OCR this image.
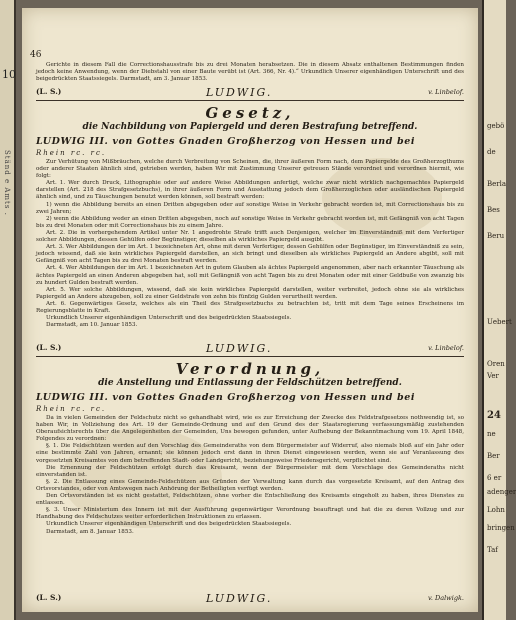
10
Ständ e Amts .
46

Gerichte in diesem Fall die Correctionshausstrafe bis zu drei Monaten herabsetzen. Die in diesem Absatz enthaltenen Bestimmungen finden jedoch keine Anwendung, wenn der Diebstahl von einer Baute verübt ist (Art. 366, Nr. 4).“ Urkundlich Unserer eigenhändigen Unterschrift und des beigedrückten Staatssiegels. Darmstadt, am 3. Januar 1853.

(L. S.)	LUDWIG.	v. Linbelof.
Gesetz,
die Nachbildung von Papiergeld und deren Bestrafung betreffend.
LUDWIG III. von Gottes Gnaden Großherzog von Hessen und bei
Rhein rc. rc.

Zur Verhütung von Mißbräuchen, welche durch Verbreitung von Scheinen, die, ihrer äußeren Form nach, dem Papiergelde des Großherzogthums oder anderer Staaten ähnlich sind, getrieben werden, haben Wir mit Zustimmung Unserer getreuen Stände verordnet und verordnen hiermit, wie folgt:

Art. 1. Wer durch Druck, Lithographie oder auf andere Weise Abbildungen anfertigt, welche zwar nicht wirklich nachgemachtes Papiergeld darstellen (Art. 218 des Strafgesetzbuchs), in ihrer äußeren Form und Ausstattung jedoch dem Großherzoglichen oder ausländischen Papiergeld ähnlich sind, und zu Täuschungen benutzt werden können, soll bestraft werden:

1) wenn die Abbildung bereits an einen Dritten abgegeben oder auf sonstige Weise in Verkehr gebracht worden ist, mit Correctionshaus bis zu zwei Jahren;

2) wenn die Abbildung weder an einen Dritten abgegeben, noch auf sonstige Weise in Verkehr gebracht worden ist, mit Gefängniß von acht Tagen bis zu drei Monaten oder mit Correctionshaus bis zu einem Jahre.

Art. 2. Die in vorhergehendem Artikel unter Nr. 1 angedrohte Strafe trifft auch Denjenigen, welcher im Einverständniß mit dem Verfertiger solcher Abbildungen, dessen Gehülfen oder Begünstiger, dieselben als wirkliches Papiergeld ausgibt.

Art. 3. Wer Abbildungen der im Art. 1 bezeichneten Art, ohne mit deren Verfertiger, dessen Gehülfen oder Begünstiger, im Einverständniß zu sein, jedoch wissend, daß sie kein wirkliches Papiergeld darstellen, an sich bringt und dieselben als wirkliches Papiergeld an Andere abgibt, soll mit Gefängniß von acht Tagen bis zu drei Monaten bestraft werden.

Art. 4. Wer Abbildungen der im Art. 1 bezeichneten Art in gutem Glauben als ächtes Papiergeld angenommen, aber nach erkannter Täuschung als ächtes Papiergeld an einen Anderen abgegeben hat, soll mit Gefängniß von acht Tagen bis zu drei Monaten oder mit einer Geldbuße von zwanzig bis zu hundert Gulden bestraft werden.

Art. 5. Wer solche Abbildungen, wissend, daß sie kein wirkliches Papiergeld darstellen, weiter verbreitet, jedoch ohne sie als wirkliches Papiergeld an Andere abzugeben, soll zu einer Geldstrafe von zehn bis fünfzig Gulden verurtheilt werden.

Art. 6. Gegenwärtiges Gesetz, welches als ein Theil des Strafgesetzbuchs zu betrachten ist, tritt mit dem Tage seines Erscheinens im Regierungsblatte in Kraft.

Urkundlich Unserer eigenhändigen Unterschrift und des beigedrückten Staatssiegels.

Darmstadt, am 10. Januar 1853.

(L. S.)	LUDWIG.	v. Linbelof.
Verordnung,
die Anstellung und Entlassung der Feldschützen betreffend.
LUDWIG III. von Gottes Gnaden Großherzog von Hessen und bei
Rhein rc. rc.

Da in vielen Gemeinden der Feldschutz nicht so gehandhabt wird, wie es zur Erreichung der Zwecke des Feldstrafgesetzes nothwendig ist, so haben Wir, in Vollziehung des Art. 19 der Gemeinde-Ordnung und auf den Grund des der Staatsregierung verfassungsmäßig zustehenden Oberaufsichtsrechts über die Angelegenheiten der Gemeinden, Uns bewogen gefunden, unter Aufhebung der Bekanntmachung vom 19. April 1848, Folgendes zu verordnen:

§. 1. Die Feldschützen werden auf den Vorschlag des Gemeinderaths von dem Bürgermeister auf Widerruf, also niemals bloß auf ein Jahr oder eine bestimmte Zahl von Jahren, ernannt; sie können jedoch erst dann in ihren Dienst eingewiesen werden, wenn sie auf Veranlassung des vorgesetzten Kreisamtes von dem betreffenden Stadt- oder Landgericht, beziehungsweise Friedensgericht, verpflichtet sind.

Die Ernennung der Feldschützen erfolgt durch das Kreisamt, wenn der Bürgermeister mit dem Vorschlage des Gemeinderaths nicht einverstanden ist.

§. 2. Die Entlassung eines Gemeinde-Feldschützen aus Gründen der Verwaltung kann durch das vorgesetzte Kreisamt, auf den Antrag des Ortsvorstandes, oder von Amtswegen nach Anhörung der Betheiligten verfügt werden.

Den Ortsvorständen ist es nicht gestattet, Feldschützen, ohne vorher die Entschließung des Kreisamts eingeholt zu haben, ihres Dienstes zu entlassen.

§. 3. Unser Ministerium des Innern ist mit der Ausführung gegenwärtiger Verordnung beauftragt und hat die zu deren Vollzug und zur Handhabung des Feldschutzes weiter erforderlichen Instruktionen zu erlassen.

Urkundlich Unserer eigenhändigen Unterschrift und des beigedrückten Staatssiegels.

Darmstadt, am 8. Januar 1853.

(L. S.)	LUDWIG.	v. Dalwigk.
gebö
de
Berla
Bes
Beru
Uebert
Oren
Ver
24
ne
Ber
6 er
adenger
Lohn
bringen
Taf
